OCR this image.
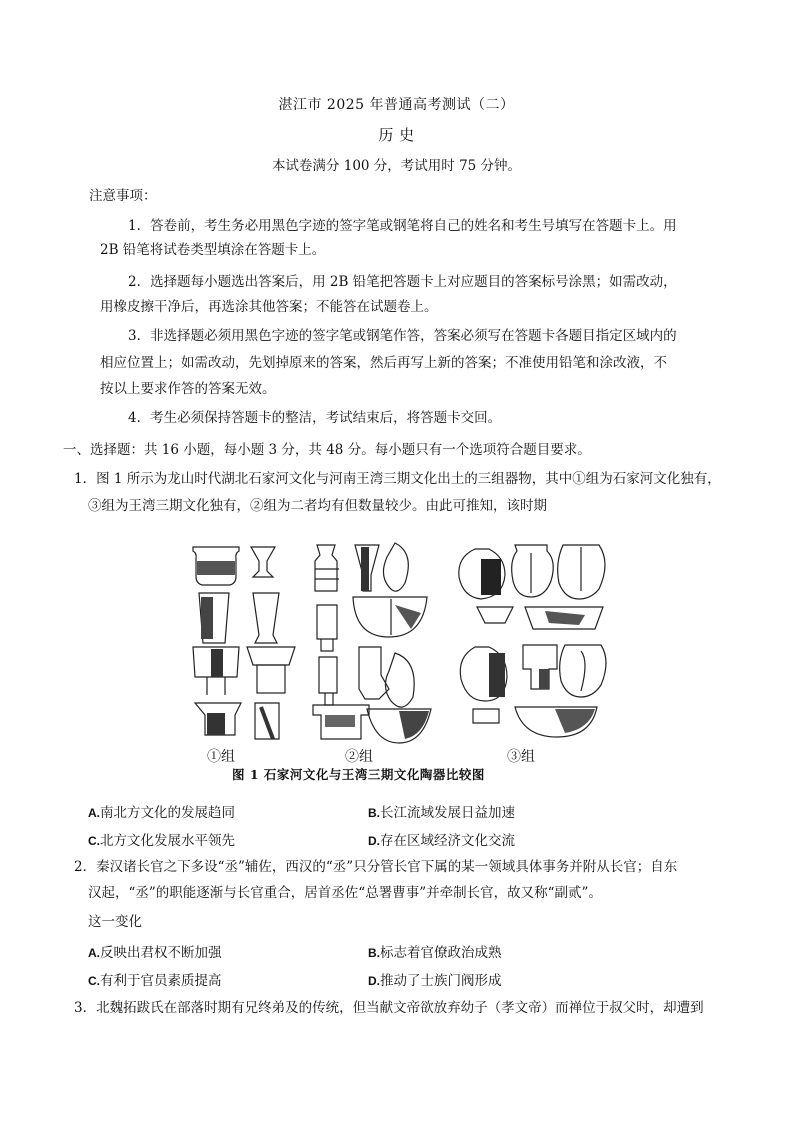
湛江市 2025 年普通高考测试（二）
历 史
本试卷满分 100 分，考试用时 75 分钟。
注意事项：
1．答卷前，考生务必用黑色字迹的签字笔或钢笔将自己的姓名和考生号填写在答题卡上。用
2B 铅笔将试卷类型填涂在答题卡上。
2．选择题每小题选出答案后，用 2B 铅笔把答题卡上对应题目的答案标号涂黑；如需改动，
用橡皮擦干净后，再选涂其他答案；不能答在试题卷上。
3．非选择题必须用黑色字迹的签字笔或钢笔作答，答案必须写在答题卡各题目指定区域内的
相应位置上；如需改动，先划掉原来的答案，然后再写上新的答案；不准使用铅笔和涂改液，不
按以上要求作答的答案无效。
4．考生必须保持答题卡的整洁，考试结束后，将答题卡交回。
一、选择题：共 16 小题，每小题 3 分，共 48 分。每小题只有一个选项符合题目要求。
1．图 1 所示为龙山时代湖北石家河文化与河南王湾三期文化出土的三组器物，其中①组为石家河文化独有，
③组为王湾三期文化独有，②组为二者均有但数量较少。由此可推知，该时期
①组	②组	③组
图 1 石家河文化与王湾三期文化陶器比较图
A.南北方文化的发展趋同	B.长江流域发展日益加速
C.北方文化发展水平领先	D.存在区域经济文化交流
2．秦汉诸长官之下多设“丞”辅佐，西汉的“丞”只分管长官下属的某一领域具体事务并附从长官；自东
汉起，“丞”的职能逐渐与长官重合，居首丞佐“总署曹事”并牵制长官，故又称“副贰”。
这一变化
A.反映出君权不断加强	B.标志着官僚政治成熟
C.有利于官员素质提高	D.推动了士族门阀形成
3．北魏拓跋氏在部落时期有兄终弟及的传统，但当献文帝欲放弃幼子（孝文帝）而禅位于叔父时，却遭到
